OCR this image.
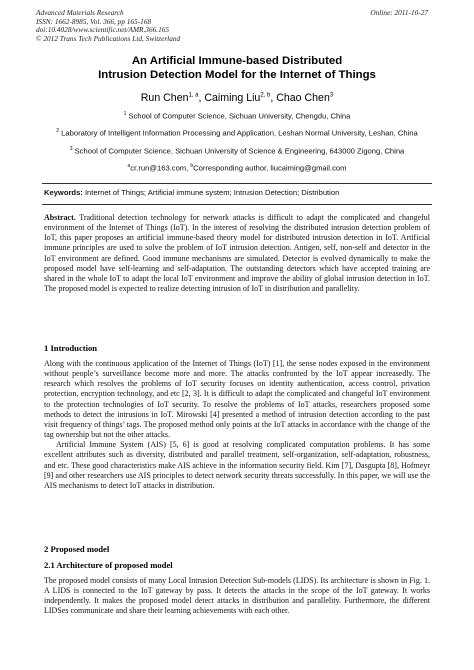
Advanced Materials Research
ISSN: 1662-8985, Vol. 366, pp 165-168
doi:10.4028/www.scientific.net/AMR.366.165
© 2012 Trans Tech Publications Ltd, Switzerland
Online: 2011-10-27
An Artificial Immune-based Distributed
Intrusion Detection Model for the Internet of Things
Run Chen$^{1, a}$, Caiming Liu$^{2, b}$, Chao Chen$^3$
$^1$ School of Computer Science, Sichuan University, Chengdu, China
$^2$ Laboratory of Intelligent Information Processing and Application, Leshan Normal University, Leshan, China
$^3$ School of Computer Science, Sichuan University of Science & Engineering, 643000 Zigong, China
$^a$cr.run@163.com, $^b$Corresponding author, liucaiming@gmail.com
Keywords: Internet of Things; Artificial immune system; Intrusion Detection; Distribution

Abstract. Traditional detection technology for network attacks is difficult to adapt the complicated and changeful environment of the Internet of Things (IoT). In the interest of resolving the distributed intrusion detection problem of IoT, this paper proposes an artificial immune-based theory model for distributed intrusion detection in IoT. Artificial immune principles are used to solve the problem of IoT intrusion detection. Antigen, self, non-self and detector in the IoT environment are defined. Good immune mechanisms are simulated. Detector is evolved dynamically to make the proposed model have self-learning and self-adaptation. The outstanding detectors which have accepted training are shared in the whole IoT to adapt the local IoT environment and improve the ability of global intrusion detection in IoT. The proposed model is expected to realize detecting intrusion of IoT in distribution and parallelity.

1 Introduction

Along with the continuous application of the Internet of Things (IoT) [1], the sense nodes exposed in the environment without people’s surveillance become more and more. The attacks confronted by the IoT appear increasedly. The research which resolves the problems of IoT security focuses on identity authentication, access control, privation protection, encryption technology, and etc [2, 3]. It is difficult to adapt the complicated and changeful IoT environment to the protection technologies of IoT security. To resolve the problems of IoT attacks, researchers proposed some methods to detect the intrusions in IoT. Mirowski [4] presented a method of intrusion detection according to the past visit frequency of things’ tags. The proposed method only points at the IoT attacks in accordance with the change of the tag ownership but not the other attacks.

Artificial Immune System (AIS) [5, 6] is good at resolving complicated computation problems. It has some excellent attributes such as diversity, distributed and parallel treatment, self-organization, self-adaptation, robustness, and etc. These good characteristics make AIS achieve in the information security field. Kim [7], Dasgupta [8], Hofmeyr [9] and other researchers use AIS principles to detect network security threats successfully. In this paper, we will use the AIS mechanisms to detect IoT attacks in distribution.

2 Proposed model
2.1 Architecture of proposed model

The proposed model consists of many Local Intrusion Detection Sub-models (LIDS). Its architecture is shown in Fig. 1. A LIDS is connected to the IoT gateway by pass. It detects the attacks in the scope of the IoT gateway. It works independently. It makes the proposed model detect attacks in distribution and parallelity. Furthermore, the different LIDSes communicate and share their learning achievements with each other.
